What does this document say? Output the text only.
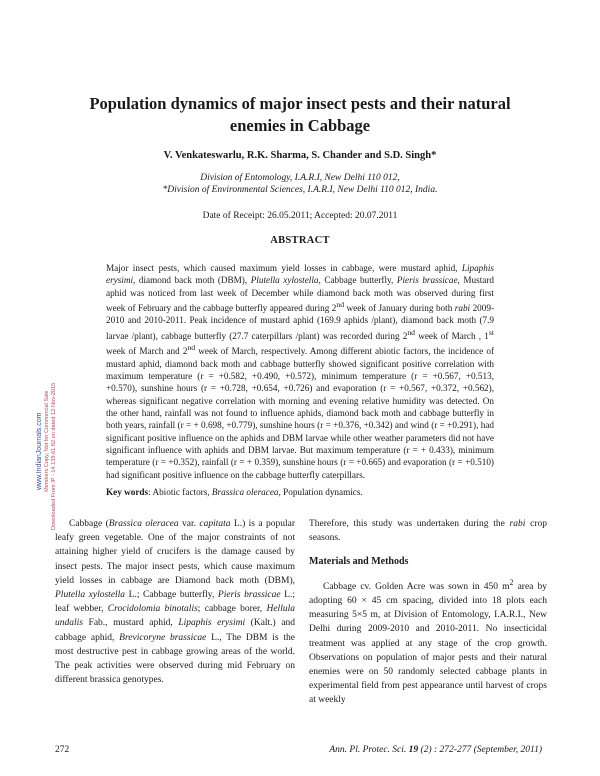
Population dynamics of major insect pests and their natural enemies in Cabbage
V. Venkateswarlu, R.K. Sharma, S. Chander and S.D. Singh*
Division of Entomology, I.A.R.I, New Delhi 110 012,
*Division of Environmental Sciences, I.A.R.I, New Delhi 110 012, India.
Date of Receipt: 26.05.2011; Accepted: 20.07.2011
ABSTRACT
Major insect pests, which caused maximum yield losses in cabbage, were mustard aphid, Lipaphis erysimi, diamond back moth (DBM), Plutella xylostella, Cabbage butterfly, Pieris brassicae, Mustard aphid was noticed from last week of December while diamond back moth was observed during first week of February and the cabbage butterfly appeared during 2nd week of January during both rabi 2009-2010 and 2010-2011. Peak incidence of mustard aphid (169.9 aphids /plant), diamond back moth (7.9 larvae /plant), cabbage butterfly (27.7 caterpillars /plant) was recorded during 2nd week of March , 1st week of March and 2nd week of March, respectively. Among different abiotic factors, the incidence of mustard aphid, diamond back moth and cabbage butterfly showed significant positive correlation with maximum temperature (r = +0.582, +0.490, +0.572), minimum temperature (r = +0.567, +0.513, +0.570), sunshine hours (r = +0.728, +0.654, +0.726) and evaporation (r = +0.567, +0.372, +0.562), whereas significant negative correlation with morning and evening relative humidity was detected. On the other hand, rainfall was not found to influence aphids, diamond back moth and cabbage butterfly in both years, rainfall (r = + 0.698, +0.779), sunshine hours (r = +0.376, +0.342) and wind (r = +0.291), had significant positive influence on the aphids and DBM larvae while other weather parameters did not have significant influence with aphids and DBM larvae. But maximum temperature (r = + 0.433), minimum temperature (r = +0.352), rainfall (r = + 0.359), sunshine hours (r = +0.665) and evaporation (r = +0.510) had significant positive influence on the cabbage butterfly caterpillars.
Key words: Abiotic factors, Brassica oleracea, Population dynamics.
www.IndianJournals.com Members Copy, Not for Commercial Sale Downloaded From IP - 14.139.61.82 on dated 12-Nov-2015	Cabbage (Brassica oleracea var. capitata L.) is a popular leafy green vegetable. One of the major constraints of not attaining higher yield of crucifers is the damage caused by insect pests. The major insect pests, which cause maximum yield losses in cabbage are Diamond back moth (DBM), Plutella xylostella L.; Cabbage butterfly, Pieris brassicae L.; leaf webber, Crocidolomia binotalis; cabbage borer, Hellula undalis Fab., mustard aphid, Lipaphis erysimi (Kalt.) and cabbage aphid, Brevicoryne brassicae L., The DBM is the most destructive pest in cabbage growing areas of the world. The peak activities were observed during mid February on different brassica genotypes.

Therefore, this study was undertaken during the rabi crop seasons.

Materials and Methods

Cabbage cv. Golden Acre was sown in 450 $m^2$ area by adopting 60 × 45 cm spacing, divided into 18 plots each measuring 5×5 m, at Division of Entomology, I.A.R.I., New Delhi during 2009-2010 and 2010-2011. No insecticidal treatment was applied at any stage of the crop growth. Observations on population of major pests and their natural enemies were on 50 randomly selected cabbage plants in experimental field from pest appearance until harvest of crops at weekly

272	Ann. Pl. Protec. Sci. 19 (2) : 272-277 (September, 2011)
